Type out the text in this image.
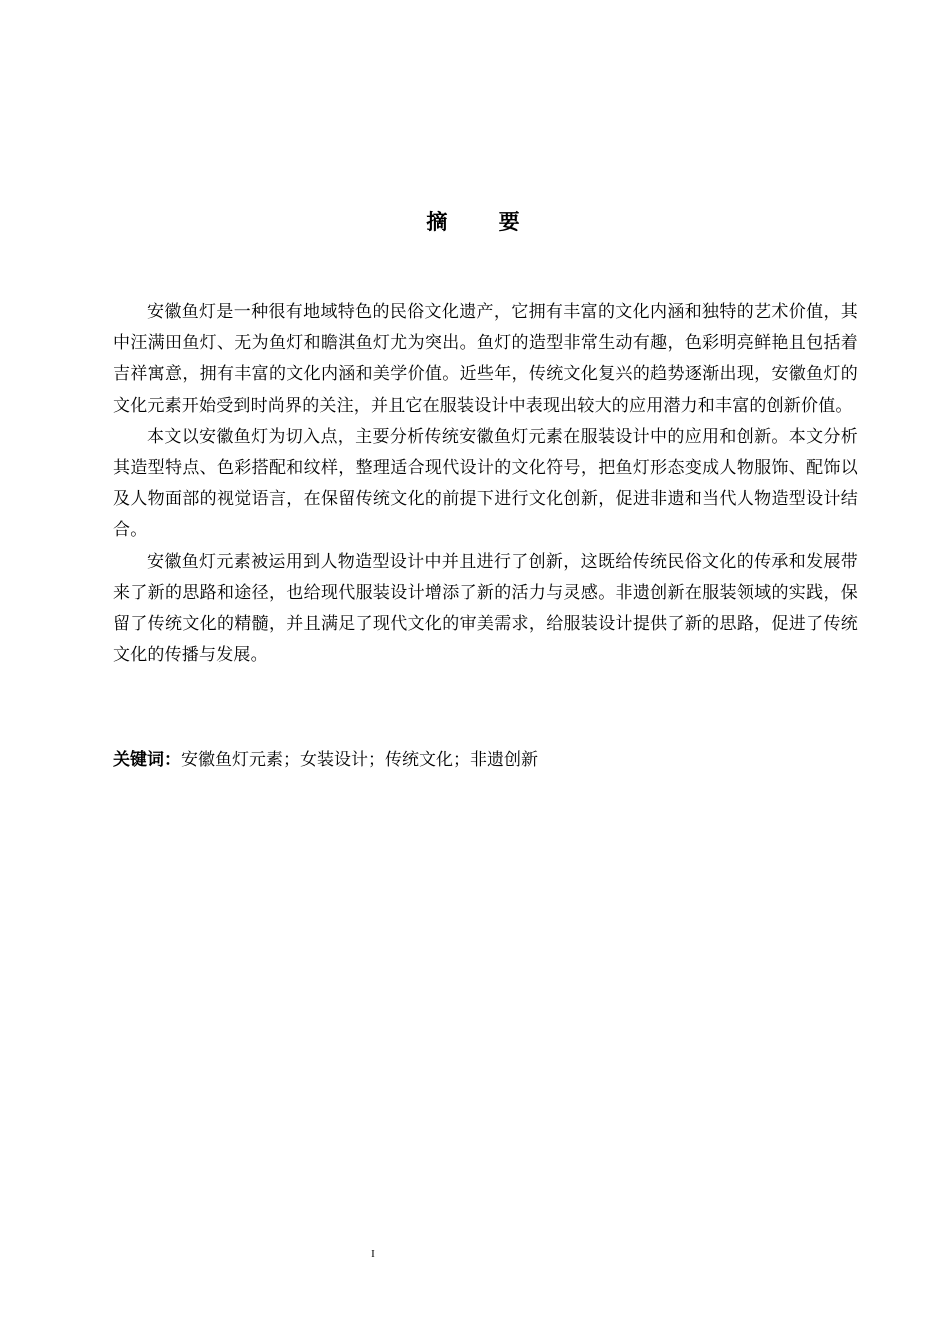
摘 要

安徽鱼灯是一种很有地域特色的民俗文化遗产，它拥有丰富的文化内涵和独特的艺术价值，其中汪满田鱼灯、无为鱼灯和瞻淇鱼灯尤为突出。鱼灯的造型非常生动有趣，色彩明亮鲜艳且包括着吉祥寓意，拥有丰富的文化内涵和美学价值。近些年，传统文化复兴的趋势逐渐出现，安徽鱼灯的文化元素开始受到时尚界的关注，并且它在服装设计中表现出较大的应用潜力和丰富的创新价值。

本文以安徽鱼灯为切入点，主要分析传统安徽鱼灯元素在服装设计中的应用和创新。本文分析其造型特点、色彩搭配和纹样，整理适合现代设计的文化符号，把鱼灯形态变成人物服饰、配饰以及人物面部的视觉语言，在保留传统文化的前提下进行文化创新，促进非遗和当代人物造型设计结合。

安徽鱼灯元素被运用到人物造型设计中并且进行了创新，这既给传统民俗文化的传承和发展带来了新的思路和途径，也给现代服装设计增添了新的活力与灵感。非遗创新在服装领域的实践，保留了传统文化的精髓，并且满足了现代文化的审美需求，给服装设计提供了新的思路，促进了传统文化的传播与发展。

关键词：安徽鱼灯元素；女装设计；传统文化；非遗创新
I
